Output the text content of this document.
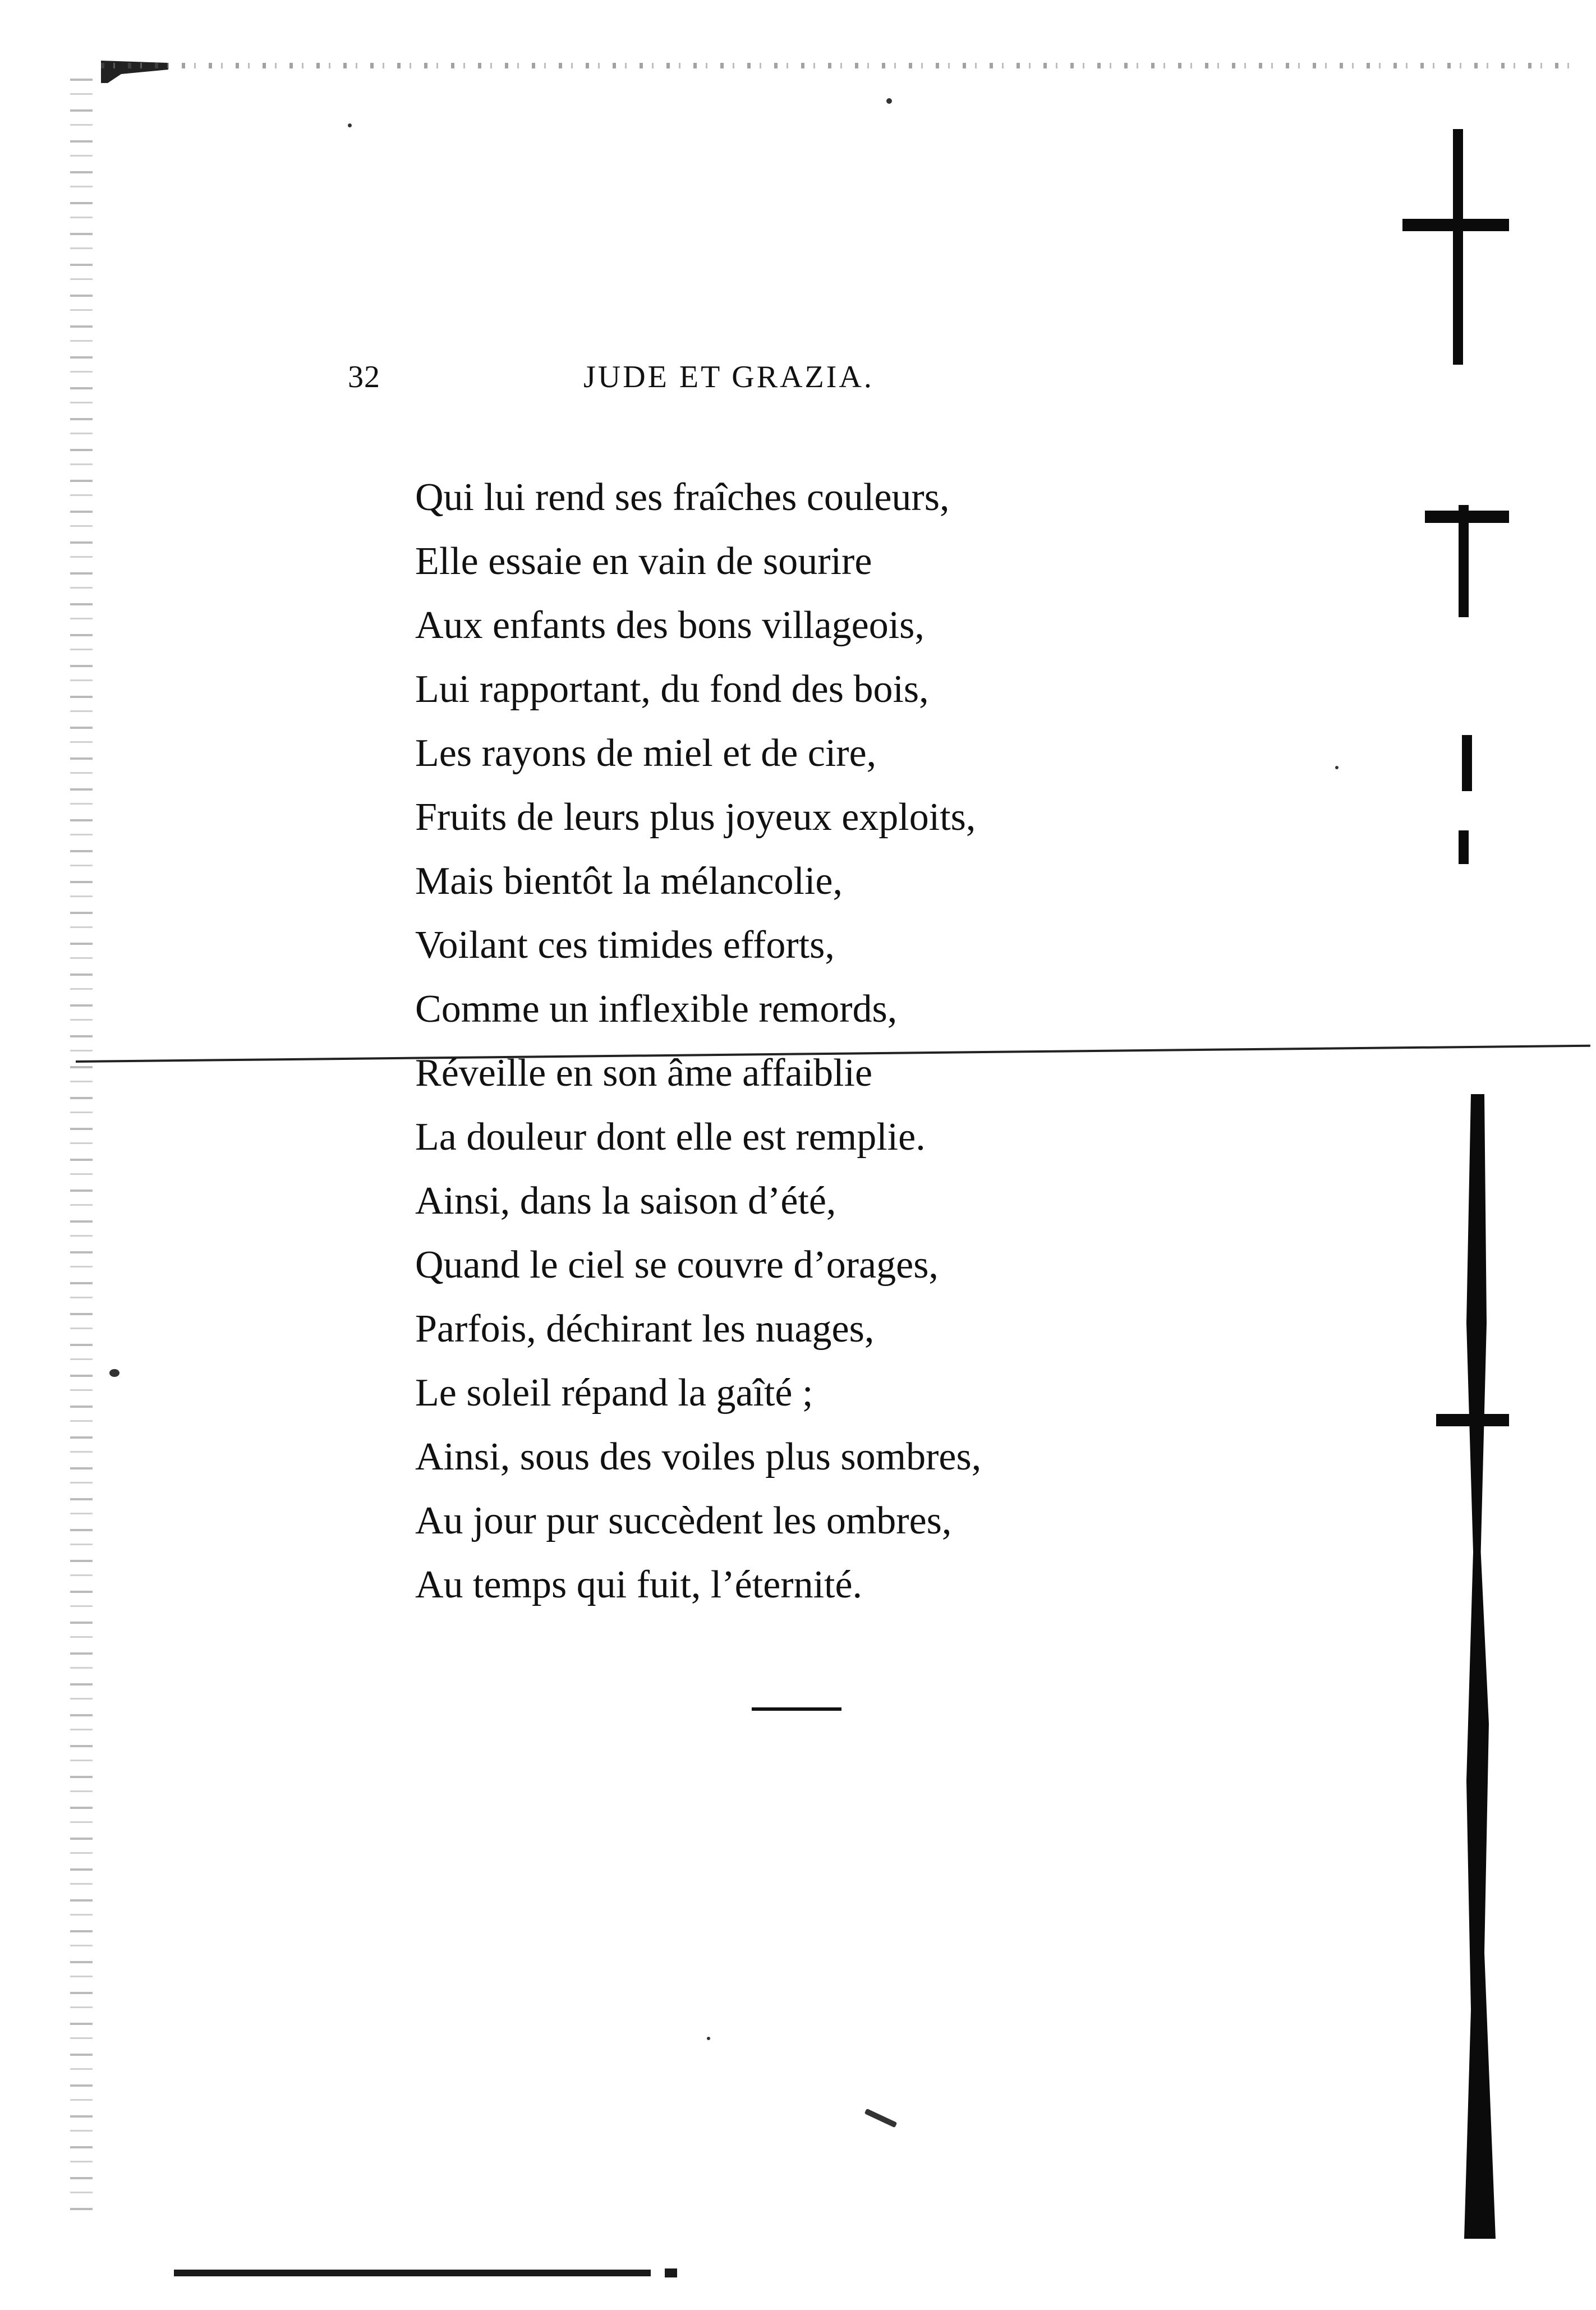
32	JUDE ET GRAZIA.
Qui lui rend ses fraîches couleurs,
Elle essaie en vain de sourire
Aux enfants des bons villageois,
Lui rapportant, du fond des bois,
Les rayons de miel et de cire,
Fruits de leurs plus joyeux exploits,
Mais bientôt la mélancolie,
Voilant ces timides efforts,
Comme un inflexible remords,
Réveille en son âme affaiblie
La douleur dont elle est remplie.
Ainsi, dans la saison d’été,
Quand le ciel se couvre d’orages,
Parfois, déchirant les nuages,
Le soleil répand la gaîté ;
Ainsi, sous des voiles plus sombres,
Au jour pur succèdent les ombres,
Au temps qui fuit, l’éternité.
